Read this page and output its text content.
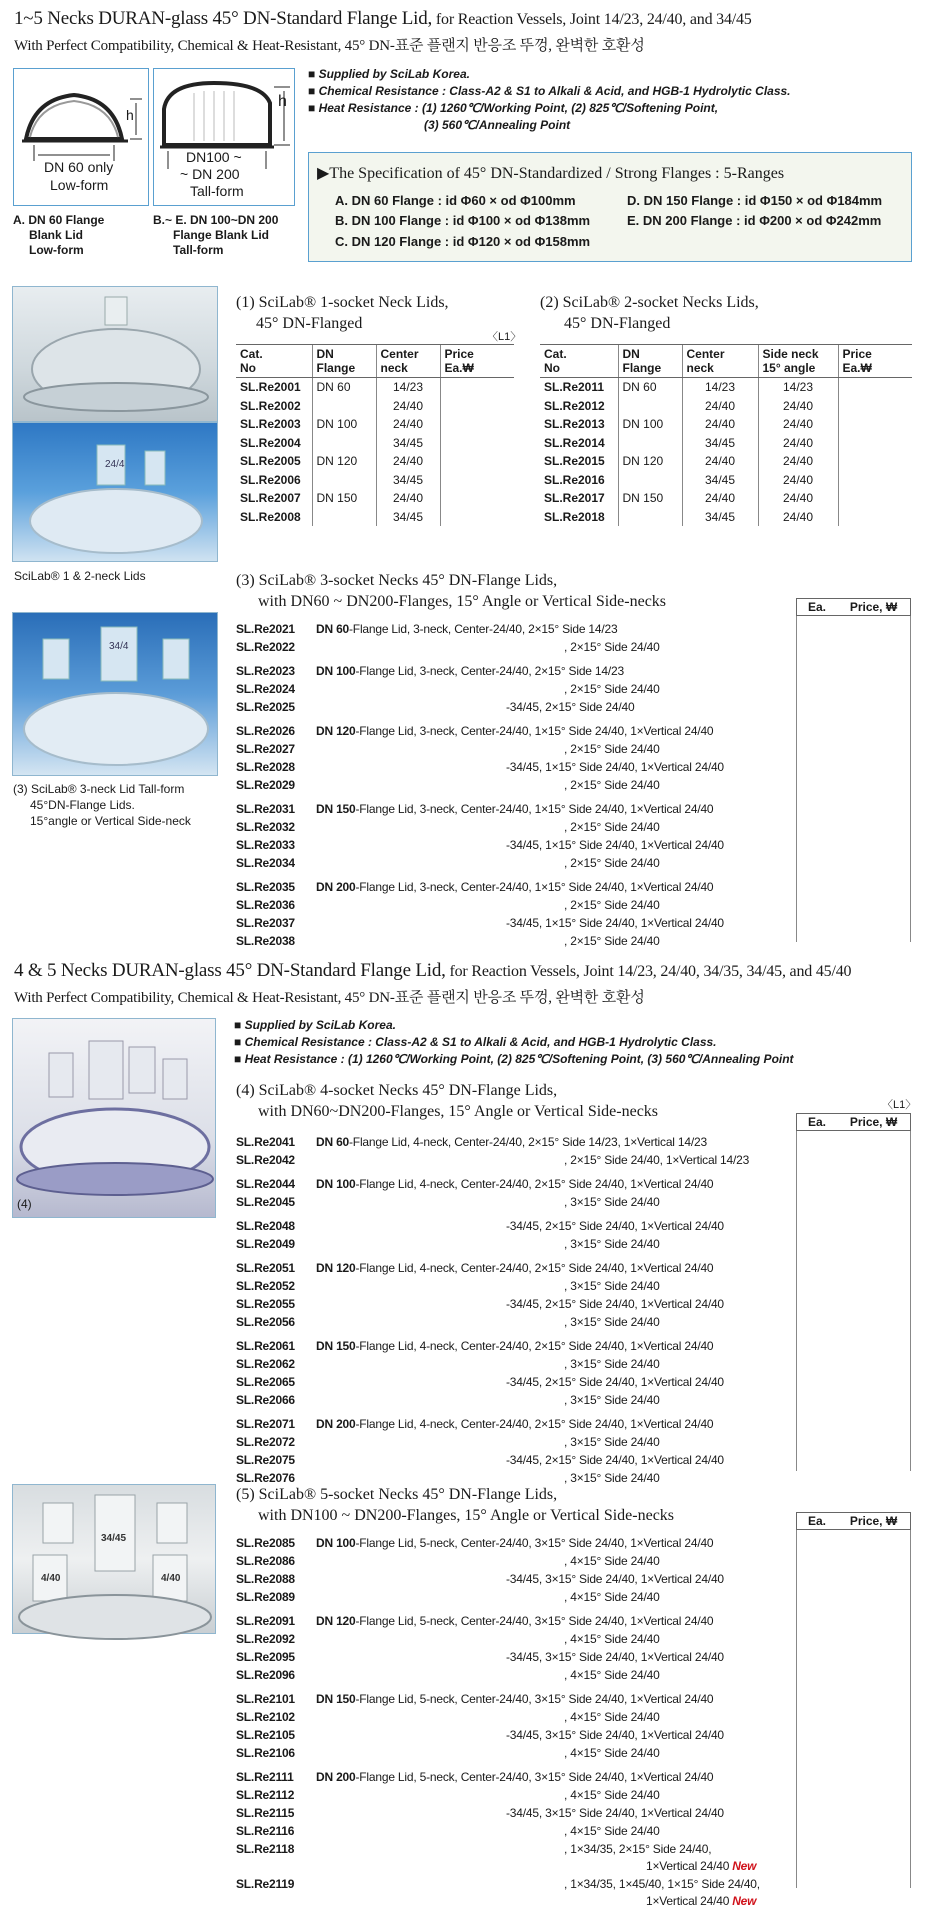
1~5 Necks DURAN-glass 45° DN-Standard Flange Lid, for Reaction Vessels, Joint 14/23, 24/40, and 34/45
With Perfect Compatibility, Chemical & Heat-Resistant, 45° DN-표준 플랜지 반응조 뚜껑, 완벽한 호환성
h
DN 60 only
Low-form
A. DN 60 Flange
Blank Lid
Low-form
h
DN100 ~
~ DN 200
Tall-form
B.~ E. DN 100~DN 200
Flange Blank Lid
Tall-form
■ Supplied by SciLab Korea.
■ Chemical Resistance : Class-A2 & S1 to Alkali & Acid, and HGB-1 Hydrolytic Class.
■ Heat Resistance : (1) 1260℃/Working Point, (2) 825℃/Softening Point,
(3) 560℃/Annealing Point
▶The Specification of 45° DN-Standardized / Strong Flanges : 5-Ranges
A. DN 60 Flange : id Φ60 × od Φ100mm
B. DN 100 Flange : id Φ100 × od Φ138mm
C. DN 120 Flange : id Φ120 × od Φ158mm
D. DN 150 Flange : id Φ150 × od Φ184mm
E. DN 200 Flange : id Φ200 × od Φ242mm
24/4
SciLab® 1 & 2-neck Lids
34/4
(3) SciLab® 3-neck Lid Tall-form
45°DN-Flange Lids.
15°angle or Vertical Side-neck
(1) SciLab® 1-socket Neck Lids,
45° DN-Flanged
〈L1〉
Cat.
No	DN
Flange	Center
neck	Price
Ea.₩
SL.Re2001	DN 60	14/23	
SL.Re2002		24/40	
SL.Re2003	DN 100	24/40	
SL.Re2004		34/45	
SL.Re2005	DN 120	24/40	
SL.Re2006		34/45	
SL.Re2007	DN 150	24/40	
SL.Re2008		34/45	
(2) SciLab® 2-socket Necks Lids,
45° DN-Flanged
Cat.
No	DN
Flange	Center
neck	Side neck
15° angle	Price
Ea.₩
SL.Re2011	DN 60	14/23	14/23	
SL.Re2012		24/40	24/40	
SL.Re2013	DN 100	24/40	24/40	
SL.Re2014		34/45	24/40	
SL.Re2015	DN 120	24/40	24/40	
SL.Re2016		34/45	24/40	
SL.Re2017	DN 150	24/40	24/40	
SL.Re2018		34/45	24/40	
(3) SciLab® 3-socket Necks 45° DN-Flange Lids,
with DN60 ~ DN200-Flanges, 15° Angle or Vertical Side-necks	Ea.	Price, ₩
SL.Re2021 DN 60-Flange Lid, 3-neck, Center-24/40, 2×15° Side 14/23
SL.Re2022	, 2×15° Side 24/40
SL.Re2023 DN 100-Flange Lid, 3-neck, Center-24/40, 2×15° Side 14/23
SL.Re2024	, 2×15° Side 24/40
SL.Re2025	-34/45, 2×15° Side 24/40
SL.Re2026 DN 120-Flange Lid, 3-neck, Center-24/40, 1×15° Side 24/40, 1×Vertical 24/40
SL.Re2027	, 2×15° Side 24/40
SL.Re2028	-34/45, 1×15° Side 24/40, 1×Vertical 24/40
SL.Re2029	, 2×15° Side 24/40
SL.Re2031 DN 150-Flange Lid, 3-neck, Center-24/40, 1×15° Side 24/40, 1×Vertical 24/40
SL.Re2032	, 2×15° Side 24/40
SL.Re2033	-34/45, 1×15° Side 24/40, 1×Vertical 24/40
SL.Re2034	, 2×15° Side 24/40
SL.Re2035 DN 200-Flange Lid, 3-neck, Center-24/40, 1×15° Side 24/40, 1×Vertical 24/40
SL.Re2036	, 2×15° Side 24/40
SL.Re2037	-34/45, 1×15° Side 24/40, 1×Vertical 24/40
SL.Re2038	, 2×15° Side 24/40
4 & 5 Necks DURAN-glass 45° DN-Standard Flange Lid, for Reaction Vessels, Joint 14/23, 24/40, 34/35, 34/45, and 45/40
With Perfect Compatibility, Chemical & Heat-Resistant, 45° DN-표준 플랜지 반응조 뚜껑, 완벽한 호환성
(4)
■ Supplied by SciLab Korea.
■ Chemical Resistance : Class-A2 & S1 to Alkali & Acid, and HGB-1 Hydrolytic Class.
■ Heat Resistance : (1) 1260℃/Working Point, (2) 825℃/Softening Point, (3) 560℃/Annealing Point
(4) SciLab® 4-socket Necks 45° DN-Flange Lids,
with DN60~DN200-Flanges, 15° Angle or Vertical Side-necks	〈L1〉
Ea.	Price, ₩
SL.Re2041 DN 60-Flange Lid, 4-neck, Center-24/40, 2×15° Side 14/23, 1×Vertical 14/23
SL.Re2042	, 2×15° Side 24/40, 1×Vertical 14/23
SL.Re2044 DN 100-Flange Lid, 4-neck, Center-24/40, 2×15° Side 24/40, 1×Vertical 24/40
SL.Re2045	, 3×15° Side 24/40
SL.Re2048	-34/45, 2×15° Side 24/40, 1×Vertical 24/40
SL.Re2049	, 3×15° Side 24/40
SL.Re2051 DN 120-Flange Lid, 4-neck, Center-24/40, 2×15° Side 24/40, 1×Vertical 24/40
SL.Re2052	, 3×15° Side 24/40
SL.Re2055	-34/45, 2×15° Side 24/40, 1×Vertical 24/40
SL.Re2056	, 3×15° Side 24/40
SL.Re2061 DN 150-Flange Lid, 4-neck, Center-24/40, 2×15° Side 24/40, 1×Vertical 24/40
SL.Re2062	, 3×15° Side 24/40
SL.Re2065	-34/45, 2×15° Side 24/40, 1×Vertical 24/40
SL.Re2066	, 3×15° Side 24/40
SL.Re2071 DN 200-Flange Lid, 4-neck, Center-24/40, 2×15° Side 24/40, 1×Vertical 24/40
SL.Re2072	, 3×15° Side 24/40
SL.Re2075	-34/45, 2×15° Side 24/40, 1×Vertical 24/40
SL.Re2076	, 3×15° Side 24/40
34/45
4/40	4/40
(5) SciLab® 5-socket Necks 45° DN-Flange Lids,
with DN100 ~ DN200-Flanges, 15° Angle or Vertical Side-necks	Ea.	Price, ₩
SL.Re2085 DN 100-Flange Lid, 5-neck, Center-24/40, 3×15° Side 24/40, 1×Vertical 24/40
SL.Re2086	, 4×15° Side 24/40
SL.Re2088	-34/45, 3×15° Side 24/40, 1×Vertical 24/40
SL.Re2089	, 4×15° Side 24/40
SL.Re2091 DN 120-Flange Lid, 5-neck, Center-24/40, 3×15° Side 24/40, 1×Vertical 24/40
SL.Re2092	, 4×15° Side 24/40
SL.Re2095	-34/45, 3×15° Side 24/40, 1×Vertical 24/40
SL.Re2096	, 4×15° Side 24/40
SL.Re2101 DN 150-Flange Lid, 5-neck, Center-24/40, 3×15° Side 24/40, 1×Vertical 24/40
SL.Re2102	, 4×15° Side 24/40
SL.Re2105	-34/45, 3×15° Side 24/40, 1×Vertical 24/40
SL.Re2106	, 4×15° Side 24/40
SL.Re2111 DN 200-Flange Lid, 5-neck, Center-24/40, 3×15° Side 24/40, 1×Vertical 24/40
SL.Re2112	, 4×15° Side 24/40
SL.Re2115	-34/45, 3×15° Side 24/40, 1×Vertical 24/40
SL.Re2116	, 4×15° Side 24/40
SL.Re2118	, 1×34/35, 2×15° Side 24/40,
1×Vertical 24/40 New
SL.Re2119	, 1×34/35, 1×45/40, 1×15° Side 24/40,
1×Vertical 24/40 New
